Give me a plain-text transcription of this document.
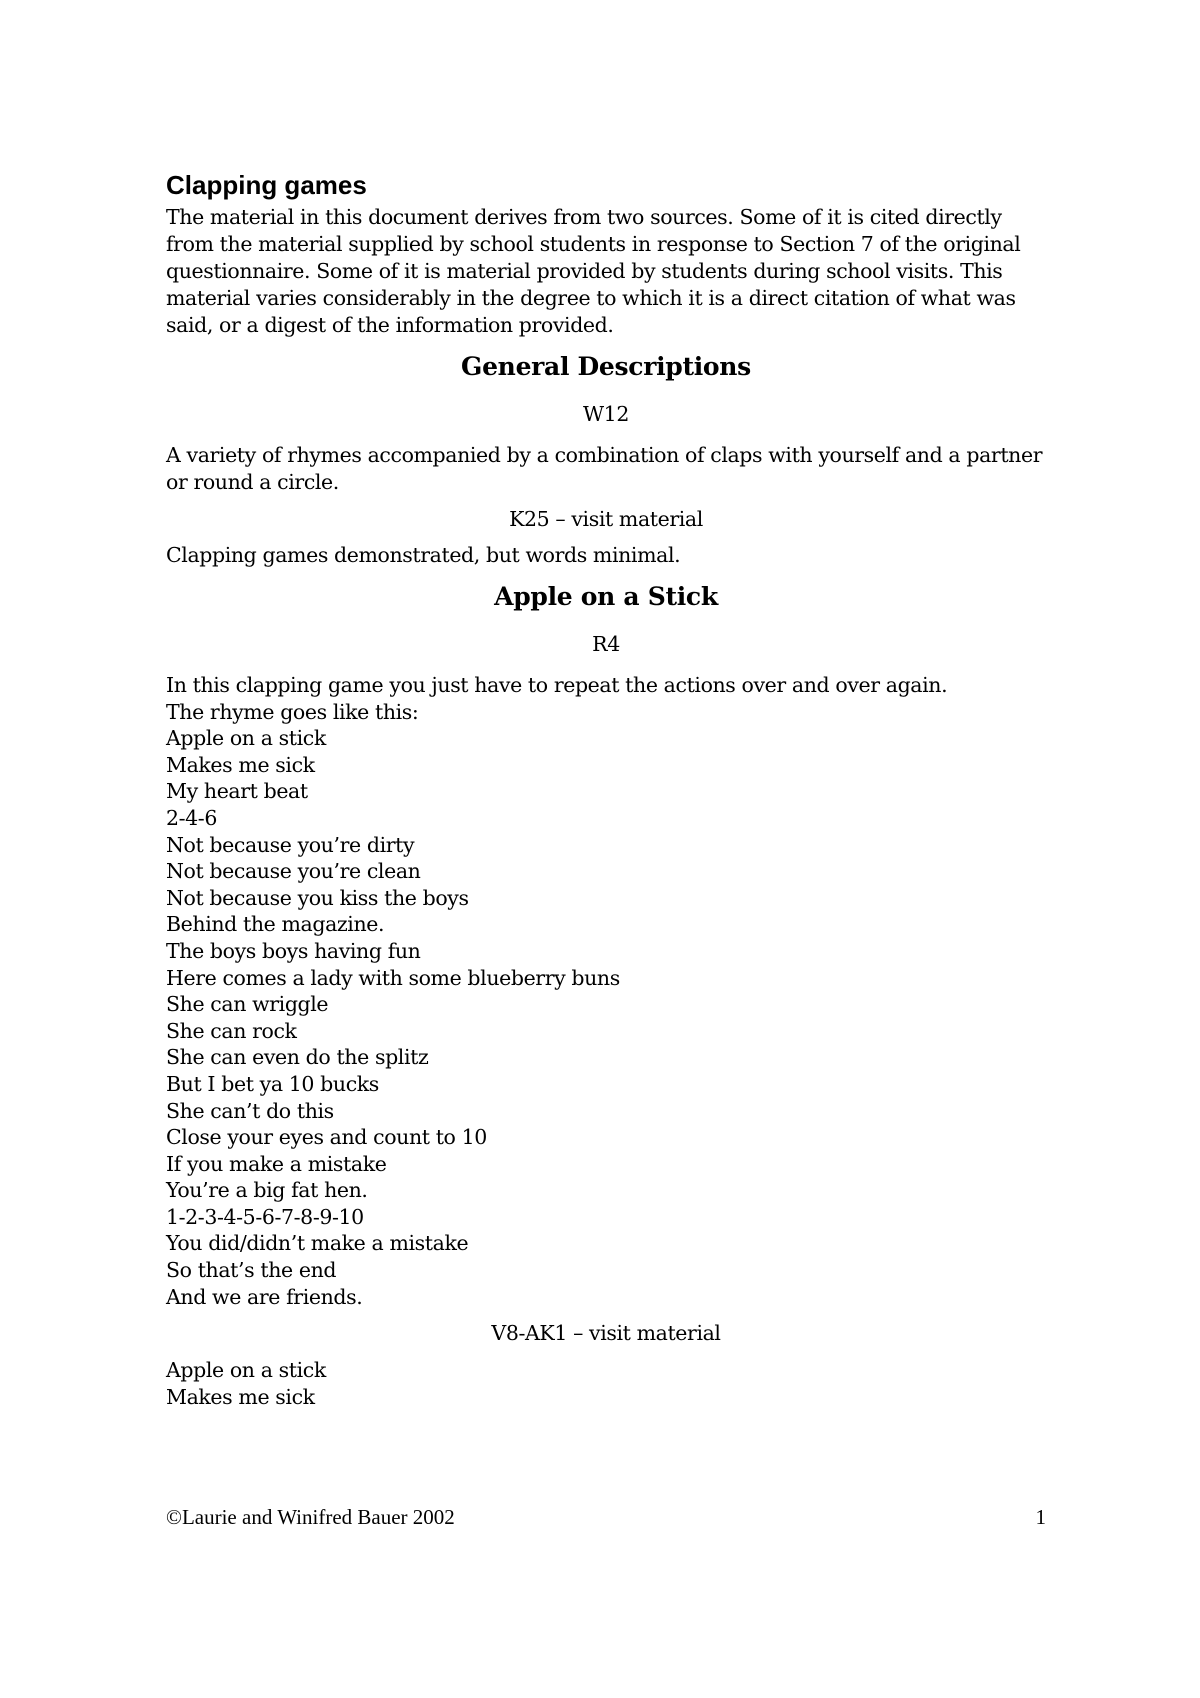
Clapping games

The material in this document derives from two sources. Some of it is cited directly from the material supplied by school students in response to Section 7 of the original questionnaire. Some of it is material provided by students during school visits. This material varies considerably in the degree to which it is a direct citation of what was said, or a digest of the information provided.

General Descriptions
W12

A variety of rhymes accompanied by a combination of claps with yourself and a partner or round a circle.

K25 – visit material

Clapping games demonstrated, but words minimal.

Apple on a Stick
R4
In this clapping game you just have to repeat the actions over and over again.
The rhyme goes like this:
Apple on a stick
Makes me sick
My heart beat
2-4-6
Not because you’re dirty
Not because you’re clean
Not because you kiss the boys
Behind the magazine.
The boys boys having fun
Here comes a lady with some blueberry buns
She can wriggle
She can rock
She can even do the splitz
But I bet ya 10 bucks
She can’t do this
Close your eyes and count to 10
If you make a mistake
You’re a big fat hen.
1-2-3-4-5-6-7-8-9-10
You did/didn’t make a mistake
So that’s the end
And we are friends.
V8-AK1 – visit material
Apple on a stick
Makes me sick
©Laurie and Winifred Bauer 2002	1
